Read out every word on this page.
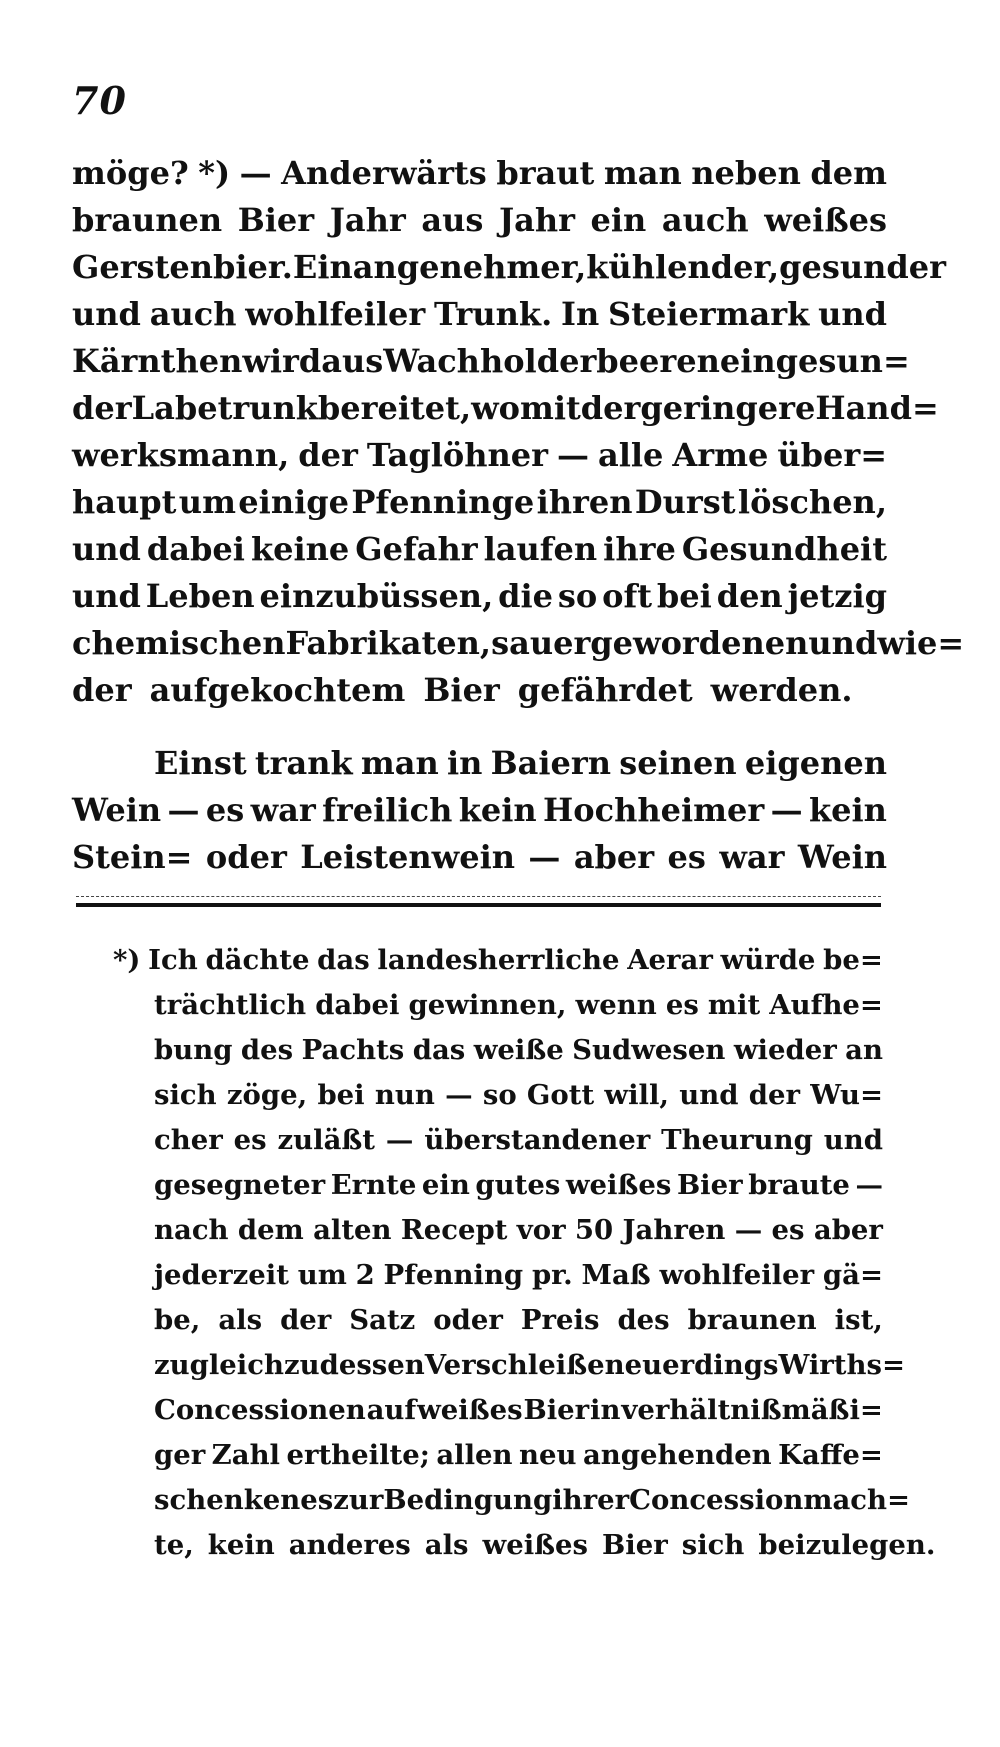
70
möge? *) — Anderwärts braut man neben dem
braunen Bier Jahr aus Jahr ein auch weißes
Gerstenbier. Ein angenehmer, kühlender, gesunder
und auch wohlfeiler Trunk. In Steiermark und
Kärnthen wird aus Wachholderbeeren ein gesun=
der Labetrunk bereitet, womit der geringere Hand=
werksmann, der Taglöhner — alle Arme über=
haupt um einige Pfenninge ihren Durst löschen,
und dabei keine Gefahr laufen ihre Gesundheit
und Leben einzubüssen, die so oft bei den jetzig
chemischen Fabrikaten, sauer gewordenen und wie=
der aufgekochtem Bier gefährdet werden.
Einst trank man in Baiern seinen eigenen
Wein — es war freilich kein Hochheimer — kein
Stein= oder Leistenwein — aber es war Wein
*) Ich dächte das landesherrliche Aerar würde be=
trächtlich dabei gewinnen, wenn es mit Aufhe=
bung des Pachts das weiße Sudwesen wieder an
sich zöge, bei nun — so Gott will, und der Wu=
cher es zuläßt — überstandener Theurung und
gesegneter Ernte ein gutes weißes Bier braute —
nach dem alten Recept vor 50 Jahren — es aber
jederzeit um 2 Pfenning pr. Maß wohlfeiler gä=
be, als der Satz oder Preis des braunen ist,
zugleich zu dessen Verschleiße neuerdings Wirths=
Concessionen auf weißes Bier in verhältnißmäßi=
ger Zahl ertheilte; allen neu angehenden Kaffe=
schenken es zur Bedingung ihrer Concession mach=
te, kein anderes als weißes Bier sich beizulegen.
